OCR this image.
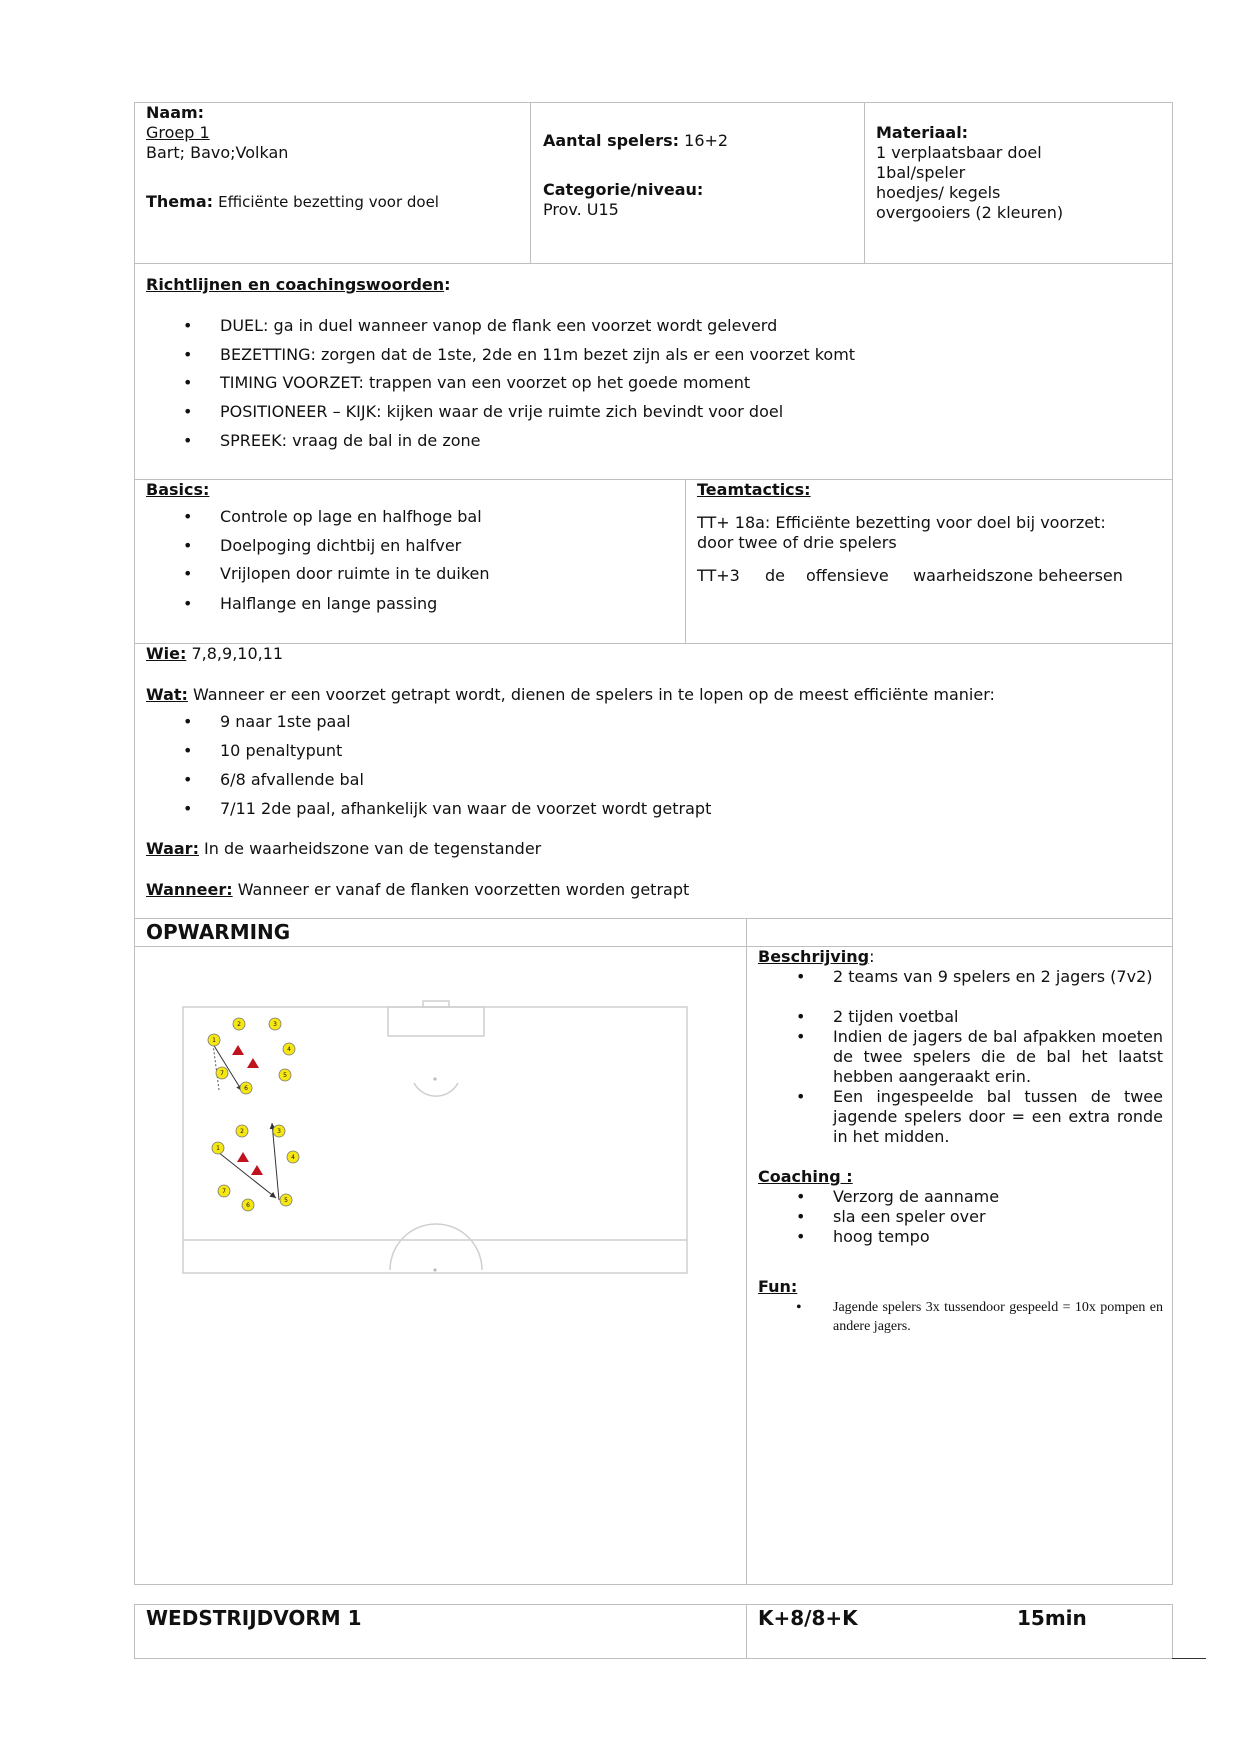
Naam:
Groep 1
Bart; Bavo;Volkan
Thema: Efficiënte bezetting voor doel
Aantal spelers: 16+2
Categorie/niveau:
Prov. U15
Materiaal:
1 verplaatsbaar doel
1bal/speler
hoedjes/ kegels
overgooiers (2 kleuren)
Richtlijnen en coachingswoorden:
• DUEL: ga in duel wanneer vanop de flank een voorzet wordt geleverd
• BEZETTING: zorgen dat de 1ste, 2de en 11m bezet zijn als er een voorzet komt
• TIMING VOORZET: trappen van een voorzet op het goede moment
• POSITIONEER – KIJK: kijken waar de vrije ruimte zich bevindt voor doel
• SPREEK: vraag de bal in de zone
Basics:
• Controle op lage en halfhoge bal
• Doelpoging dichtbij en halfver
• Vrijlopen door ruimte in te duiken
• Halflange en lange passing
Teamtactics:
TT+ 18a: Efficiënte bezetting voor doel bij voorzet:
door twee of drie spelers
TT+3 de offensieve waarheidszone beheersen
Wie: 7,8,9,10,11
Wat: Wanneer er een voorzet getrapt wordt, dienen de spelers in te lopen op de meest efficiënte manier:
• 9 naar 1ste paal
• 10 penaltypunt
• 6/8 afvallende bal
• 7/11 2de paal, afhankelijk van waar de voorzet wordt getrapt
Waar: In de waarheidszone van de tegenstander
Wanneer: Wanneer er vanaf de flanken voorzetten worden getrapt
OPWARMING
1
2	3
4
5
6
7
1
2	3
4
5
6
7
Beschrijving:
• 2 teams van 9 spelers en 2 jagers (7v2)
• 2 tijden voetbal
• Indien de jagers de bal afpakken moeten de twee spelers die de bal het laatst hebben aangeraakt erin.
• Een ingespeelde bal tussen de twee jagende spelers door = een extra ronde in het midden.
Coaching :
• Verzorg de aanname
• sla een speler over
• hoog tempo
Fun:
• Jagende spelers 3x tussendoor gespeeld = 10x pompen en andere jagers.
WEDSTRIJDVORM 1	K+8/8+K	15min
